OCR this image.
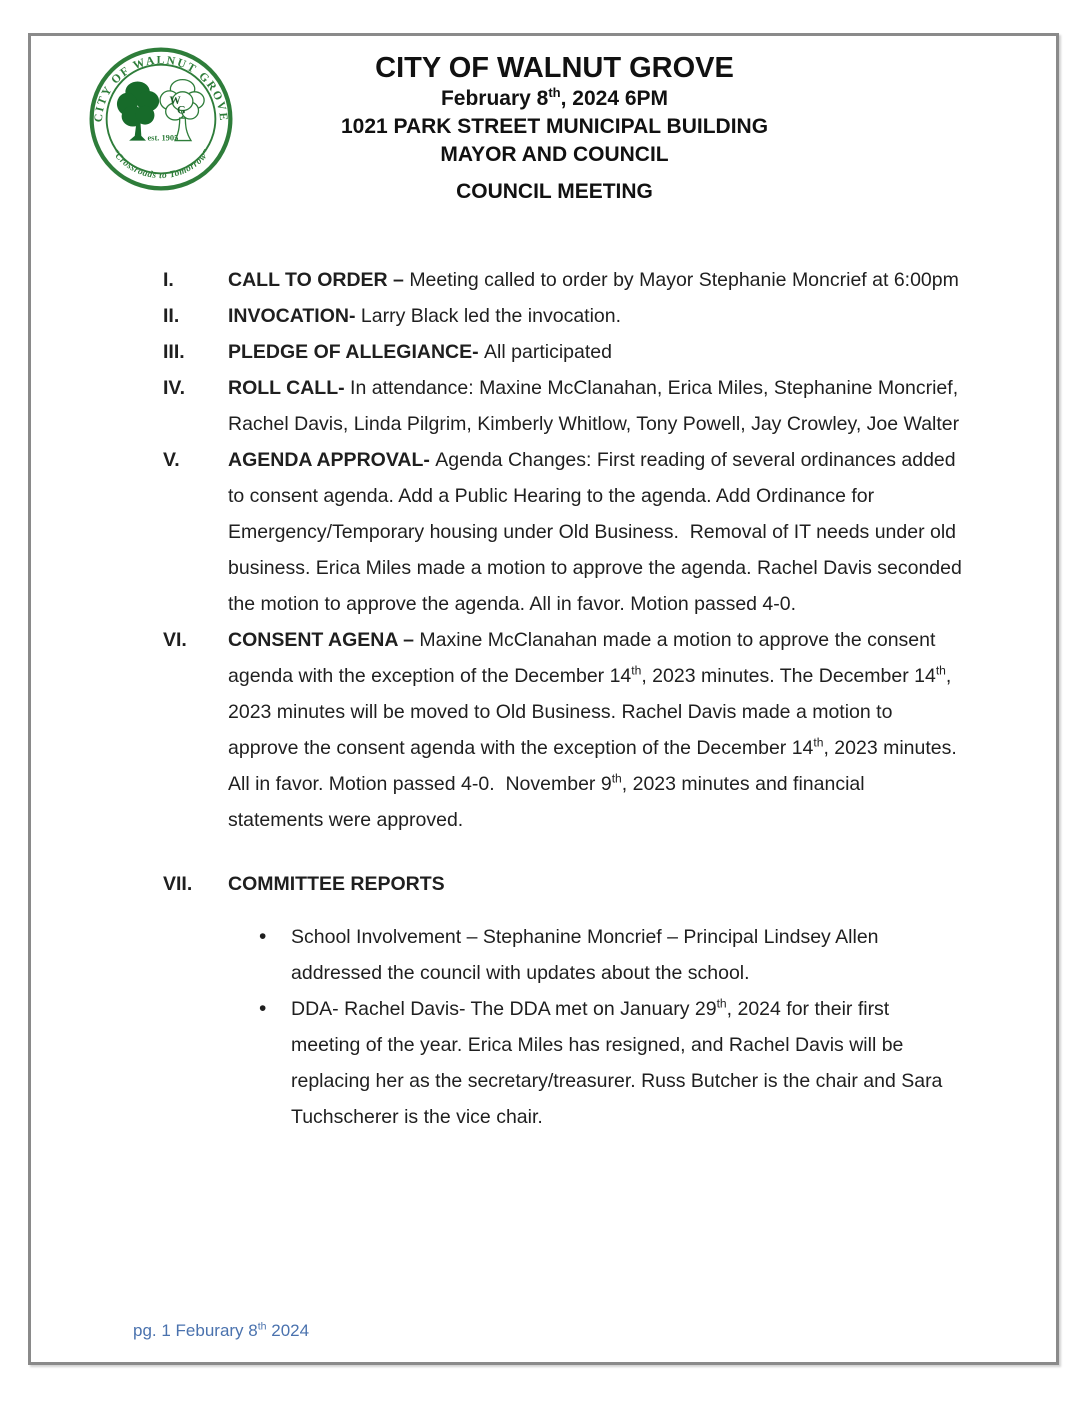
W
G
est. 1905
CITY OF WALNUT GROVE
“Crossroads to Tomorrow”
CITY OF WALNUT GROVE
February 8th, 2024 6PM
1021 PARK STREET MUNICIPAL BUILDING
MAYOR AND COUNCIL
COUNCIL MEETING
I.	CALL TO ORDER – Meeting called to order by Mayor Stephanie Moncrief at 6:00pm
II.	INVOCATION- Larry Black led the invocation.
III.	PLEDGE OF ALLEGIANCE- All participated
IV.	ROLL CALL- In attendance: Maxine McClanahan, Erica Miles, Stephanine Moncrief, Rachel Davis, Linda Pilgrim, Kimberly Whitlow, Tony Powell, Jay Crowley, Joe Walter
V.	AGENDA APPROVAL- Agenda Changes: First reading of several ordinances added to consent agenda. Add a Public Hearing to the agenda. Add Ordinance for Emergency/Temporary housing under Old Business.  Removal of IT needs under old business. Erica Miles made a motion to approve the agenda. Rachel Davis seconded the motion to approve the agenda. All in favor. Motion passed 4-0.
VI.	CONSENT AGENA – Maxine McClanahan made a motion to approve the consent agenda with the exception of the December 14th, 2023 minutes. The December 14th, 2023 minutes will be moved to Old Business. Rachel Davis made a motion to approve the consent agenda with the exception of the December 14th, 2023 minutes. All in favor. Motion passed 4-0.  November 9th, 2023 minutes and financial statements were approved.
VII.	COMMITTEE REPORTS
• School Involvement – Stephanine Moncrief – Principal Lindsey Allen addressed the council with updates about the school.
• DDA- Rachel Davis- The DDA met on January 29th, 2024 for their first meeting of the year. Erica Miles has resigned, and Rachel Davis will be replacing her as the secretary/treasurer. Russ Butcher is the chair and Sara Tuchscherer is the vice chair.
pg. 1 Feburary 8th 2024
